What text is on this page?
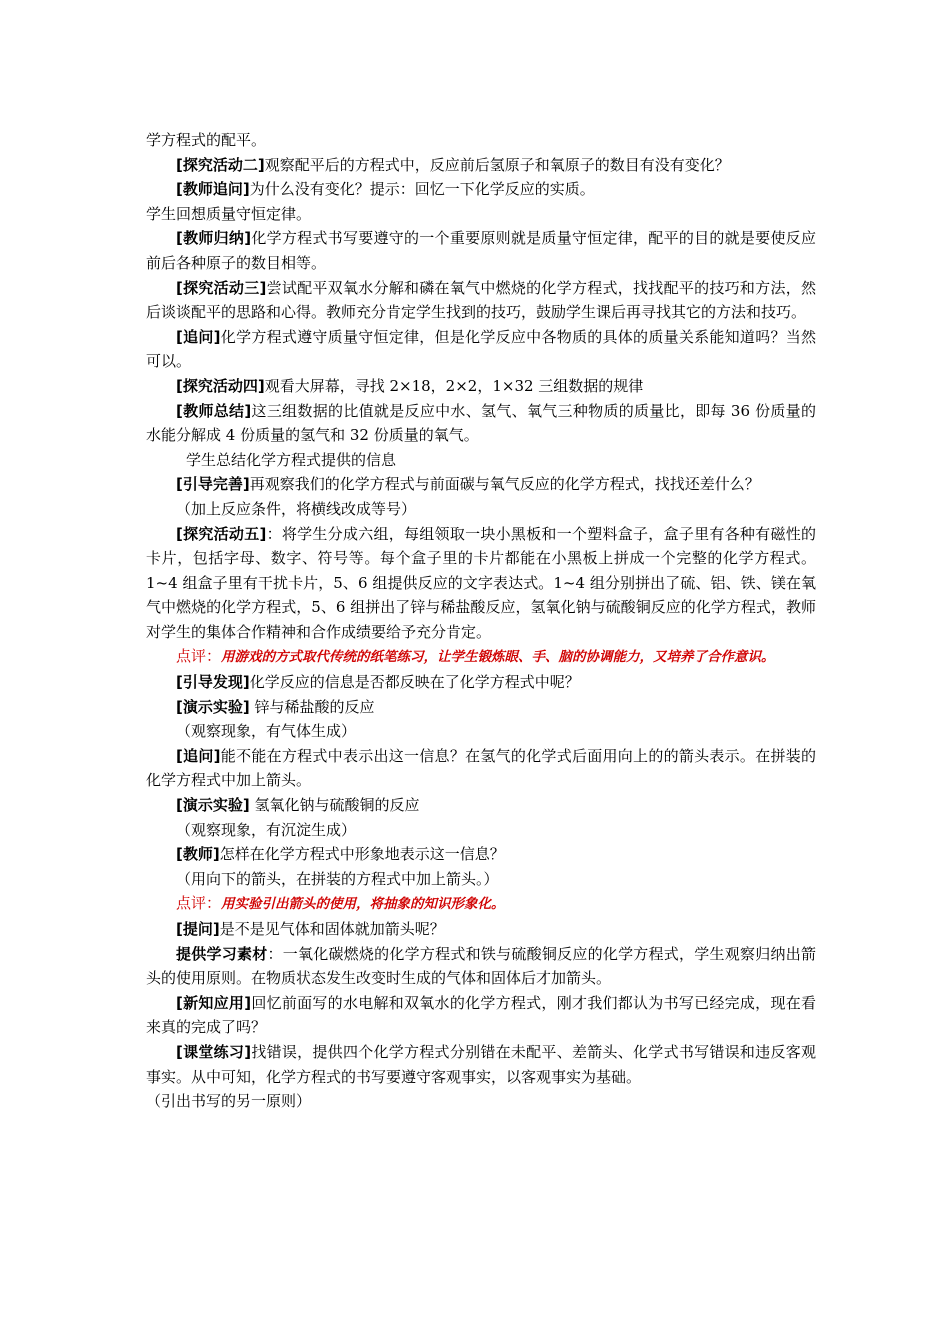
学方程式的配平。

[探究活动二]观察配平后的方程式中，反应前后氢原子和氧原子的数目有没有变化？

[教师追问]为什么没有变化？提示：回忆一下化学反应的实质。

学生回想质量守恒定律。

[教师归纳]化学方程式书写要遵守的一个重要原则就是质量守恒定律，配平的目的就是要使反应前后各种原子的数目相等。

[探究活动三]尝试配平双氧水分解和磷在氧气中燃烧的化学方程式，找找配平的技巧和方法，然后谈谈配平的思路和心得。教师充分肯定学生找到的技巧，鼓励学生课后再寻找其它的方法和技巧。

[追问]化学方程式遵守质量守恒定律，但是化学反应中各物质的具体的质量关系能知道吗？当然可以。

[探究活动四]观看大屏幕，寻找 2×18，2×2，1×32 三组数据的规律

[教师总结]这三组数据的比值就是反应中水、氢气、氧气三种物质的质量比，即每 36 份质量的水能分解成 4 份质量的氢气和 32 份质量的氧气。

学生总结化学方程式提供的信息

[引导完善]再观察我们的化学方程式与前面碳与氧气反应的化学方程式，找找还差什么？

（加上反应条件，将横线改成等号）

[探究活动五]：将学生分成六组，每组领取一块小黑板和一个塑料盒子，盒子里有各种有磁性的卡片，包括字母、数字、符号等。每个盒子里的卡片都能在小黑板上拼成一个完整的化学方程式。1~4 组盒子里有干扰卡片，5、6 组提供反应的文字表达式。1~4 组分别拼出了硫、铝、铁、镁在氧气中燃烧的化学方程式，5、6 组拼出了锌与稀盐酸反应，氢氧化钠与硫酸铜反应的化学方程式，教师对学生的集体合作精神和合作成绩要给予充分肯定。

点评：用游戏的方式取代传统的纸笔练习，让学生锻炼眼、手、脑的协调能力，又培养了合作意识。

[引导发现]化学反应的信息是否都反映在了化学方程式中呢？

[演示实验] 锌与稀盐酸的反应

（观察现象，有气体生成）

[追问]能不能在方程式中表示出这一信息？在氢气的化学式后面用向上的的箭头表示。在拼装的化学方程式中加上箭头。

[演示实验] 氢氧化钠与硫酸铜的反应

（观察现象，有沉淀生成）

[教师]怎样在化学方程式中形象地表示这一信息？

（用向下的箭头，在拼装的方程式中加上箭头。）

点评：用实验引出箭头的使用，将抽象的知识形象化。

[提问]是不是见气体和固体就加箭头呢？

提供学习素材：一氧化碳燃烧的化学方程式和铁与硫酸铜反应的化学方程式，学生观察归纳出箭头的使用原则。在物质状态发生改变时生成的气体和固体后才加箭头。

[新知应用]回忆前面写的水电解和双氧水的化学方程式，刚才我们都认为书写已经完成，现在看来真的完成了吗？

[课堂练习]找错误，提供四个化学方程式分别错在未配平、差箭头、化学式书写错误和违反客观事实。从中可知，化学方程式的书写要遵守客观事实，以客观事实为基础。

（引出书写的另一原则）
